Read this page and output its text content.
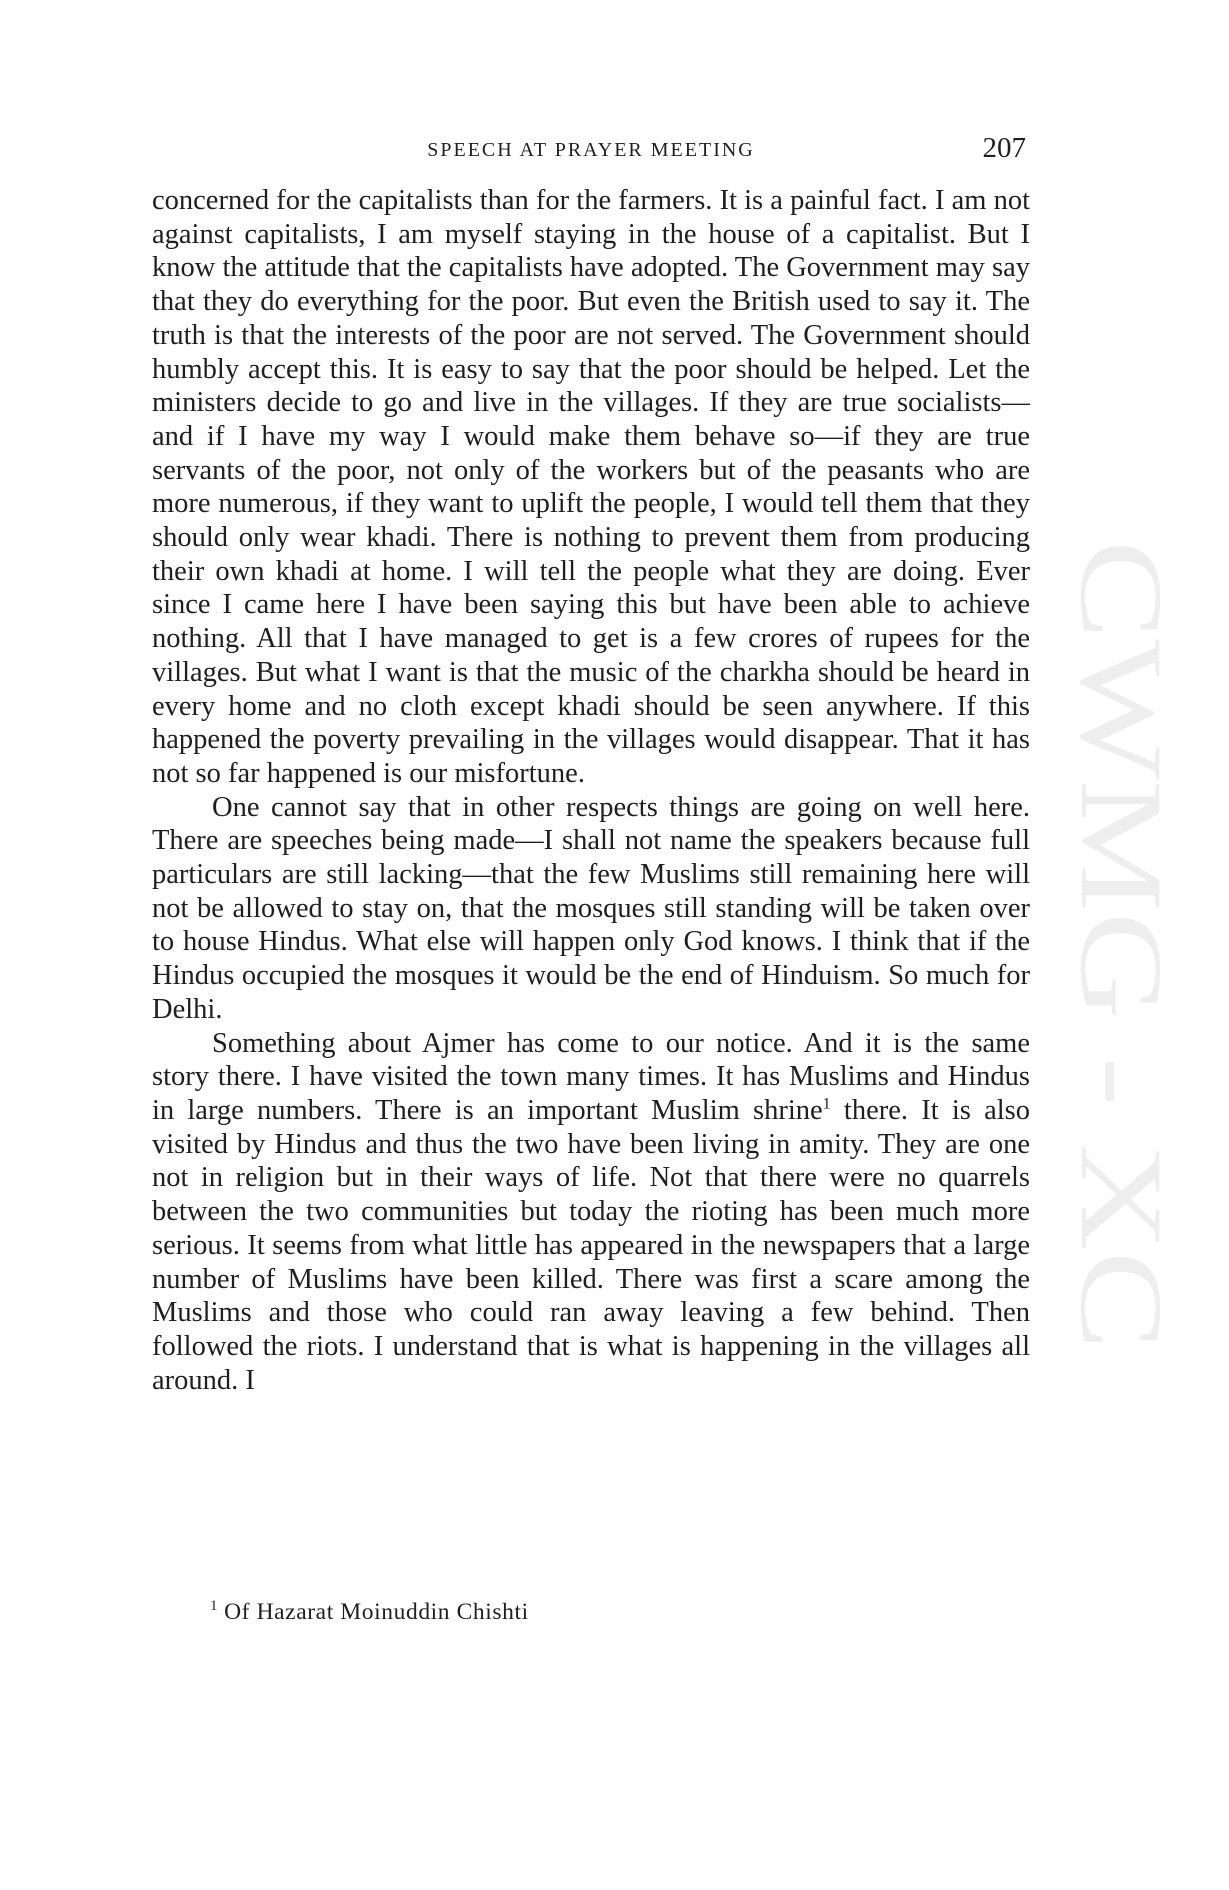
SPEECH AT PRAYER MEETING	207
CWMG - XC

concerned for the capitalists than for the farmers. It is a painful fact. I am not against capitalists, I am myself staying in the house of a capitalist. But I know the attitude that the capitalists have adopted. The Government may say that they do everything for the poor. But even the British used to say it. The truth is that the interests of the poor are not served. The Government should humbly accept this. It is easy to say that the poor should be helped. Let the ministers decide to go and live in the villages. If they are true socialists—and if I have my way I would make them behave so—if they are true servants of the poor, not only of the workers but of the peasants who are more numerous, if they want to uplift the people, I would tell them that they should only wear khadi. There is nothing to prevent them from producing their own khadi at home. I will tell the people what they are doing. Ever since I came here I have been saying this but have been able to achieve nothing. All that I have managed to get is a few crores of rupees for the villages. But what I want is that the music of the charkha should be heard in every home and no cloth except khadi should be seen anywhere. If this happened the poverty prevailing in the villages would disappear. That it has not so far happened is our misfortune.

One cannot say that in other respects things are going on well here. There are speeches being made—I shall not name the speakers because full particulars are still lacking—that the few Muslims still remaining here will not be allowed to stay on, that the mosques still standing will be taken over to house Hindus. What else will happen only God knows. I think that if the Hindus occupied the mosques it would be the end of Hinduism. So much for Delhi.

Something about Ajmer has come to our notice. And it is the same story there. I have visited the town many times. It has Muslims and Hindus in large numbers. There is an important Muslim shrine$^1$ there. It is also visited by Hindus and thus the two have been living in amity. They are one not in religion but in their ways of life. Not that there were no quarrels between the two communities but today the rioting has been much more serious. It seems from what little has appeared in the newspapers that a large number of Muslims have been killed. There was first a scare among the Muslims and those who could ran away leaving a few behind. Then followed the riots. I understand that is what is happening in the villages all around. I

$^1$ Of Hazarat Moinuddin Chishti
